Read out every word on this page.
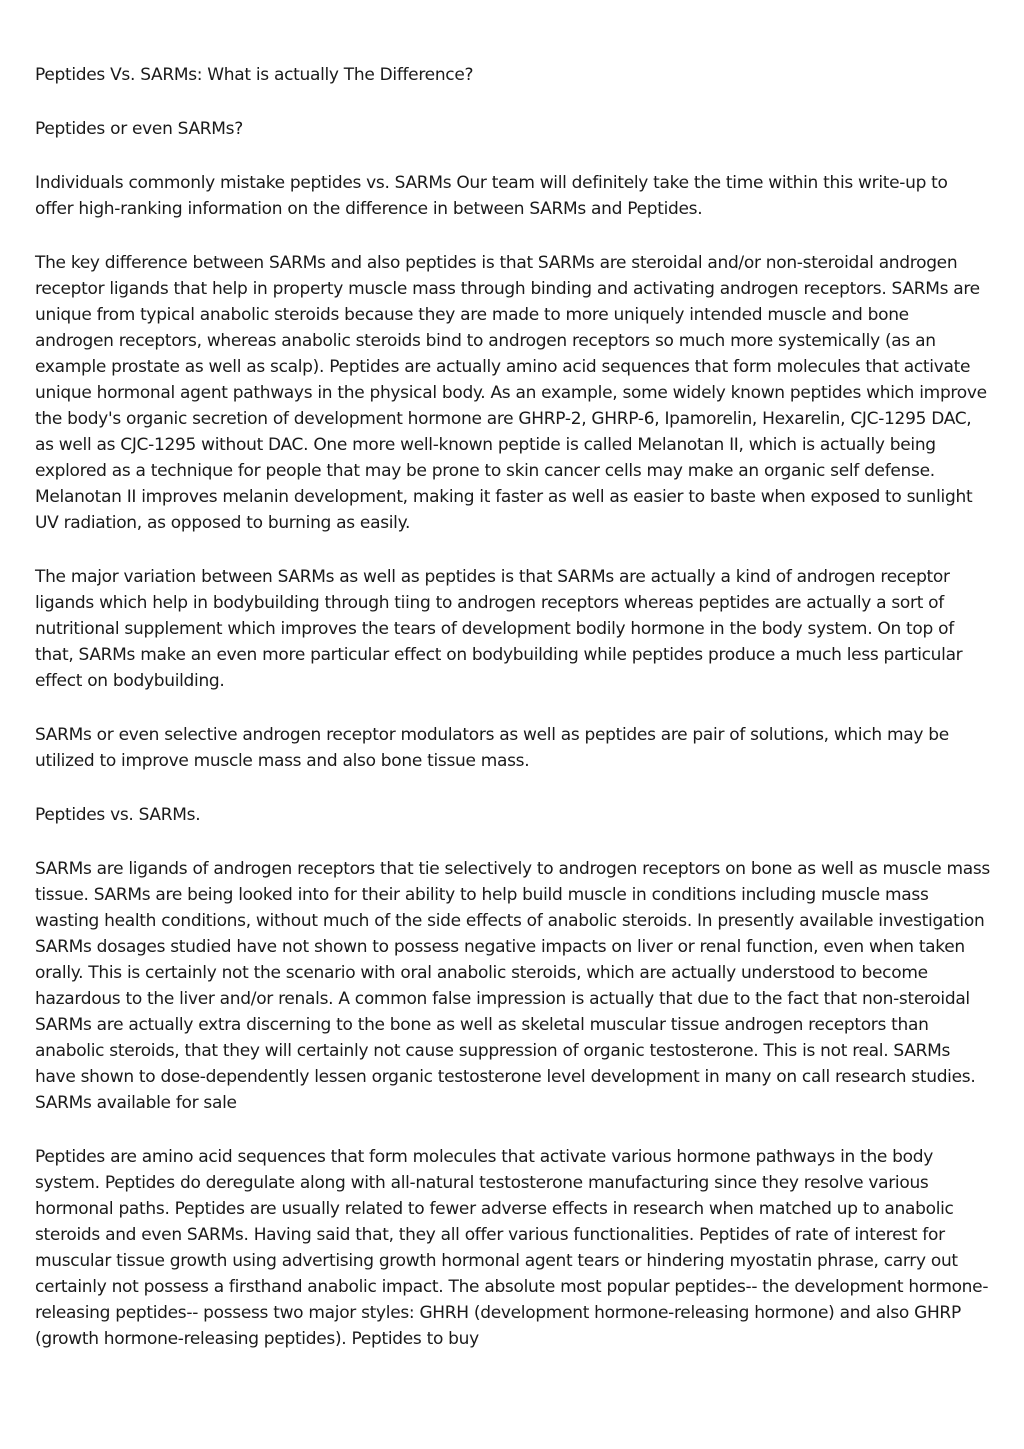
Peptides Vs. SARMs: What is actually The Difference?

Peptides or even SARMs?

Individuals commonly mistake peptides vs. SARMs Our team will definitely take the time within this write-up to offer high-ranking information on the difference in between SARMs and Peptides.

The key difference between SARMs and also peptides is that SARMs are steroidal and/or non-steroidal androgen receptor ligands that help in property muscle mass through binding and activating androgen receptors. SARMs are unique from typical anabolic steroids because they are made to more uniquely intended muscle and bone androgen receptors, whereas anabolic steroids bind to androgen receptors so much more systemically (as an example prostate as well as scalp). Peptides are actually amino acid sequences that form molecules that activate unique hormonal agent pathways in the physical body. As an example, some widely known peptides which improve the body's organic secretion of development hormone are GHRP-2, GHRP-6, Ipamorelin, Hexarelin, CJC-1295 DAC, as well as CJC-1295 without DAC. One more well-known peptide is called Melanotan II, which is actually being explored as a technique for people that may be prone to skin cancer cells may make an organic self defense. Melanotan II improves melanin development, making it faster as well as easier to baste when exposed to sunlight UV radiation, as opposed to burning as easily.

The major variation between SARMs as well as peptides is that SARMs are actually a kind of androgen receptor ligands which help in bodybuilding through tiing to androgen receptors whereas peptides are actually a sort of nutritional supplement which improves the tears of development bodily hormone in the body system. On top of that, SARMs make an even more particular effect on bodybuilding while peptides produce a much less particular effect on bodybuilding.

SARMs or even selective androgen receptor modulators as well as peptides are pair of solutions, which may be utilized to improve muscle mass and also bone tissue mass.

Peptides vs. SARMs.

SARMs are ligands of androgen receptors that tie selectively to androgen receptors on bone as well as muscle mass tissue. SARMs are being looked into for their ability to help build muscle in conditions including muscle mass wasting health conditions, without much of the side effects of anabolic steroids. In presently available investigation SARMs dosages studied have not shown to possess negative impacts on liver or renal function, even when taken orally. This is certainly not the scenario with oral anabolic steroids, which are actually understood to become hazardous to the liver and/or renals. A common false impression is actually that due to the fact that non-steroidal SARMs are actually extra discerning to the bone as well as skeletal muscular tissue androgen receptors than anabolic steroids, that they will certainly not cause suppression of organic testosterone. This is not real. SARMs have shown to dose-dependently lessen organic testosterone level development in many on call research studies. SARMs available for sale

Peptides are amino acid sequences that form molecules that activate various hormone pathways in the body system. Peptides do deregulate along with all-natural testosterone manufacturing since they resolve various hormonal paths. Peptides are usually related to fewer adverse effects in research when matched up to anabolic steroids and even SARMs. Having said that, they all offer various functionalities. Peptides of rate of interest for muscular tissue growth using advertising growth hormonal agent tears or hindering myostatin phrase, carry out certainly not possess a firsthand anabolic impact. The absolute most popular peptides-- the development hormone-releasing peptides-- possess two major styles: GHRH (development hormone-releasing hormone) and also GHRP (growth hormone-releasing peptides). Peptides to buy
